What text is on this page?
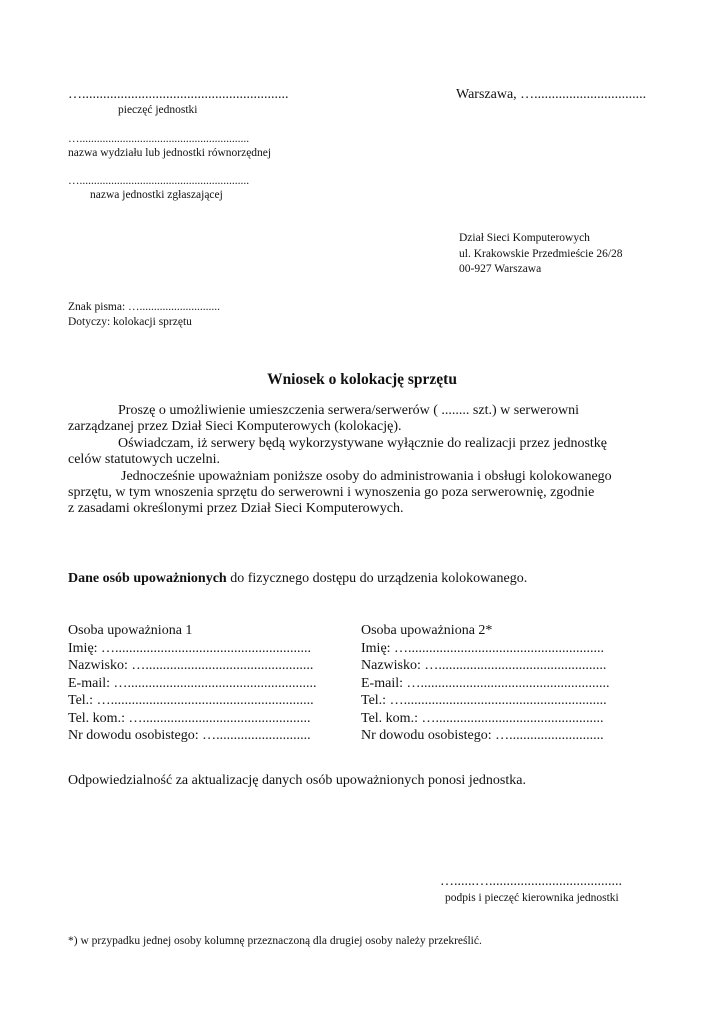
…...........................................................
pieczęć jednostki
…...........................................................
nazwa wydziału lub jednostki równorzędnej
…...........................................................
nazwa jednostki zgłaszającej
Warszawa, …................................
Dział Sieci Komputerowych
ul. Krakowskie Przedmieście 26/28
00-927 Warszawa
Znak pisma: …............................
Dotyczy: kolokacji sprzętu
Wniosek o kolokację sprzętu
Proszę o umożliwienie umieszczenia serwera/serwerów ( ........ szt.) w serwerowni
zarządzanej przez Dział Sieci Komputerowych (kolokację).
Oświadczam, iż serwery będą wykorzystywane wyłącznie do realizacji przez jednostkę
celów statutowych uczelni.
Jednocześnie upoważniam poniższe osoby do administrowania i obsługi kolokowanego
sprzętu, w tym wnoszenia sprzętu do serwerowni i wynoszenia go poza serwerownię, zgodnie
z zasadami określonymi przez Dział Sieci Komputerowych.
Dane osób upoważnionych do fizycznego dostępu do urządzenia kolokowanego.
Osoba upoważniona 1
Imię: …........................................................
Nazwisko: …................................................
E-mail: …......................................................
Tel.: …..........................................................
Tel. kom.: …................................................
Nr dowodu osobistego: …...........................
Osoba upoważniona 2*
Imię: …........................................................
Nazwisko: …................................................
E-mail: …......................................................
Tel.: …..........................................................
Tel. kom.: …................................................
Nr dowodu osobistego: …...........................
Odpowiedzialność za aktualizację danych osób upoważnionych ponosi jednostka.
…......…......................................
podpis i pieczęć kierownika jednostki
*) w przypadku jednej osoby kolumnę przeznaczoną dla drugiej osoby należy przekreślić.
